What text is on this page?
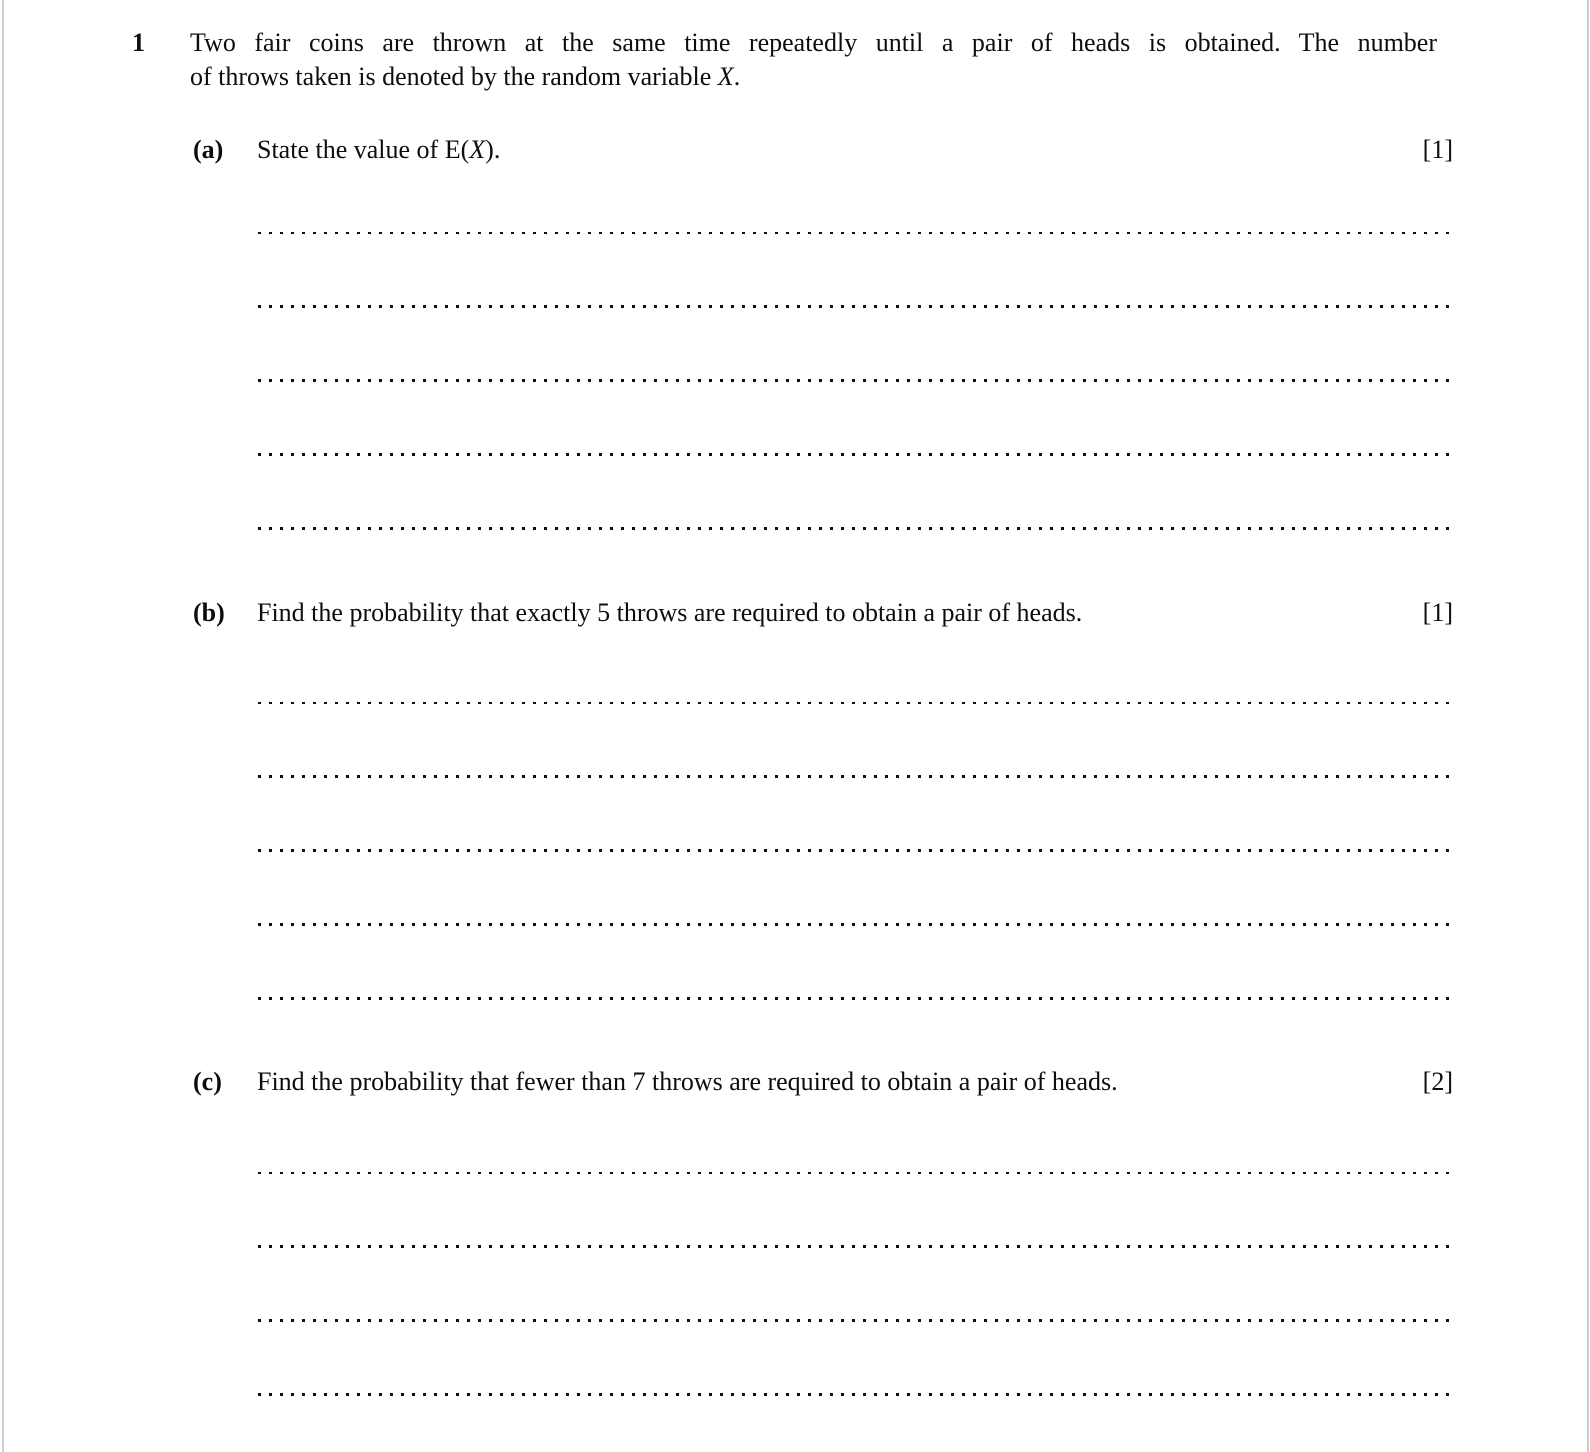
1 Two fair coins are thrown at the same time repeatedly until a pair of heads is obtained. The number
of throws taken is denoted by the random variable X.
(a) State the value of E(X).	[1]
(b) Find the probability that exactly 5 throws are required to obtain a pair of heads.	[1]
(c) Find the probability that fewer than 7 throws are required to obtain a pair of heads.	[2]
